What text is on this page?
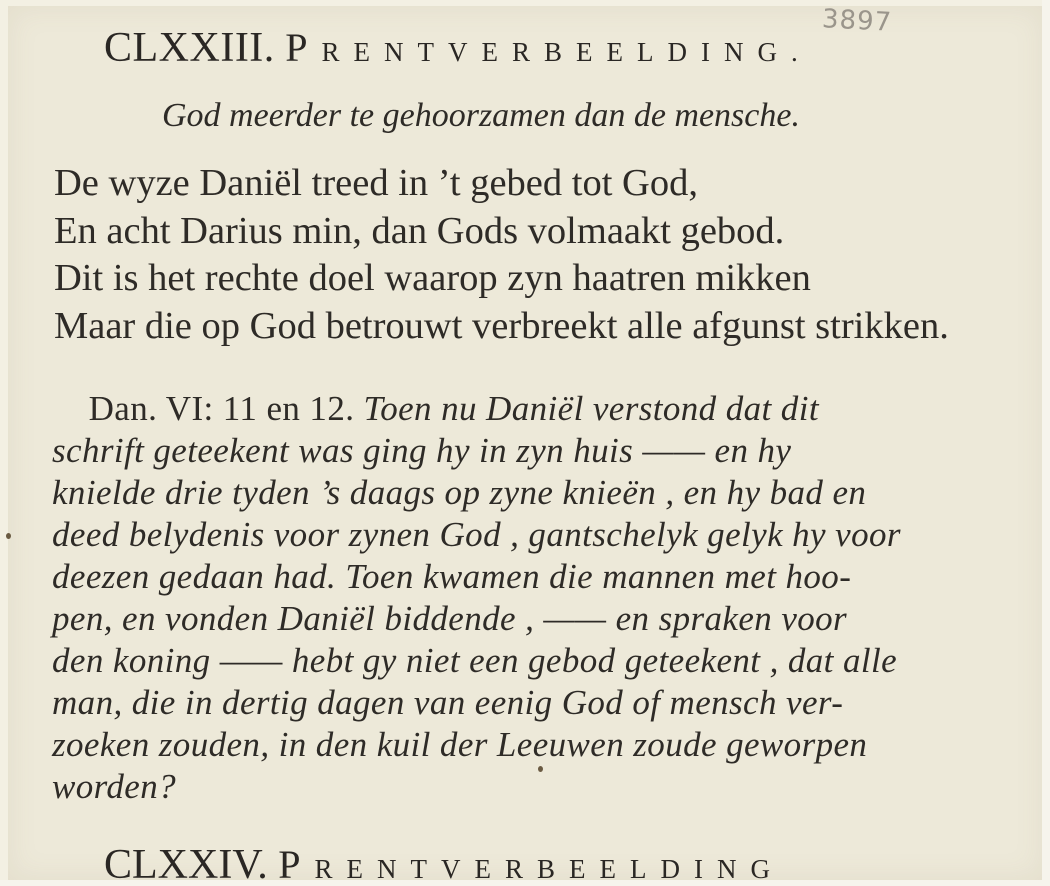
3897
CLXXIII. PRENTVERBEELDING.
God meerder te gehoorzamen dan de mensche.
De wyze Daniël treed in ’t gebed tot God,
En acht Darius min, dan Gods volmaakt gebod.
Dit is het rechte doel waarop zyn haatren mikken
Maar die op God betrouwt verbreekt alle afgunst strikken.
Dan. VI: 11 en 12. Toen nu Daniël verstond dat dit
schrift geteekent was ging hy in zyn huis —— en hy
knielde drie tyden ’s daags op zyne knieën , en hy bad en
deed belydenis voor zynen God , gantschelyk gelyk hy voor
deezen gedaan had. Toen kwamen die mannen met hoo-
pen, en vonden Daniël biddende , —— en spraken voor
den koning —— hebt gy niet een gebod geteekent , dat alle
man, die in dertig dagen van eenig God of mensch ver-
zoeken zouden, in den kuil der Leeuwen zoude geworpen
worden?
CLXXIV. PRENTVERBEELDING
